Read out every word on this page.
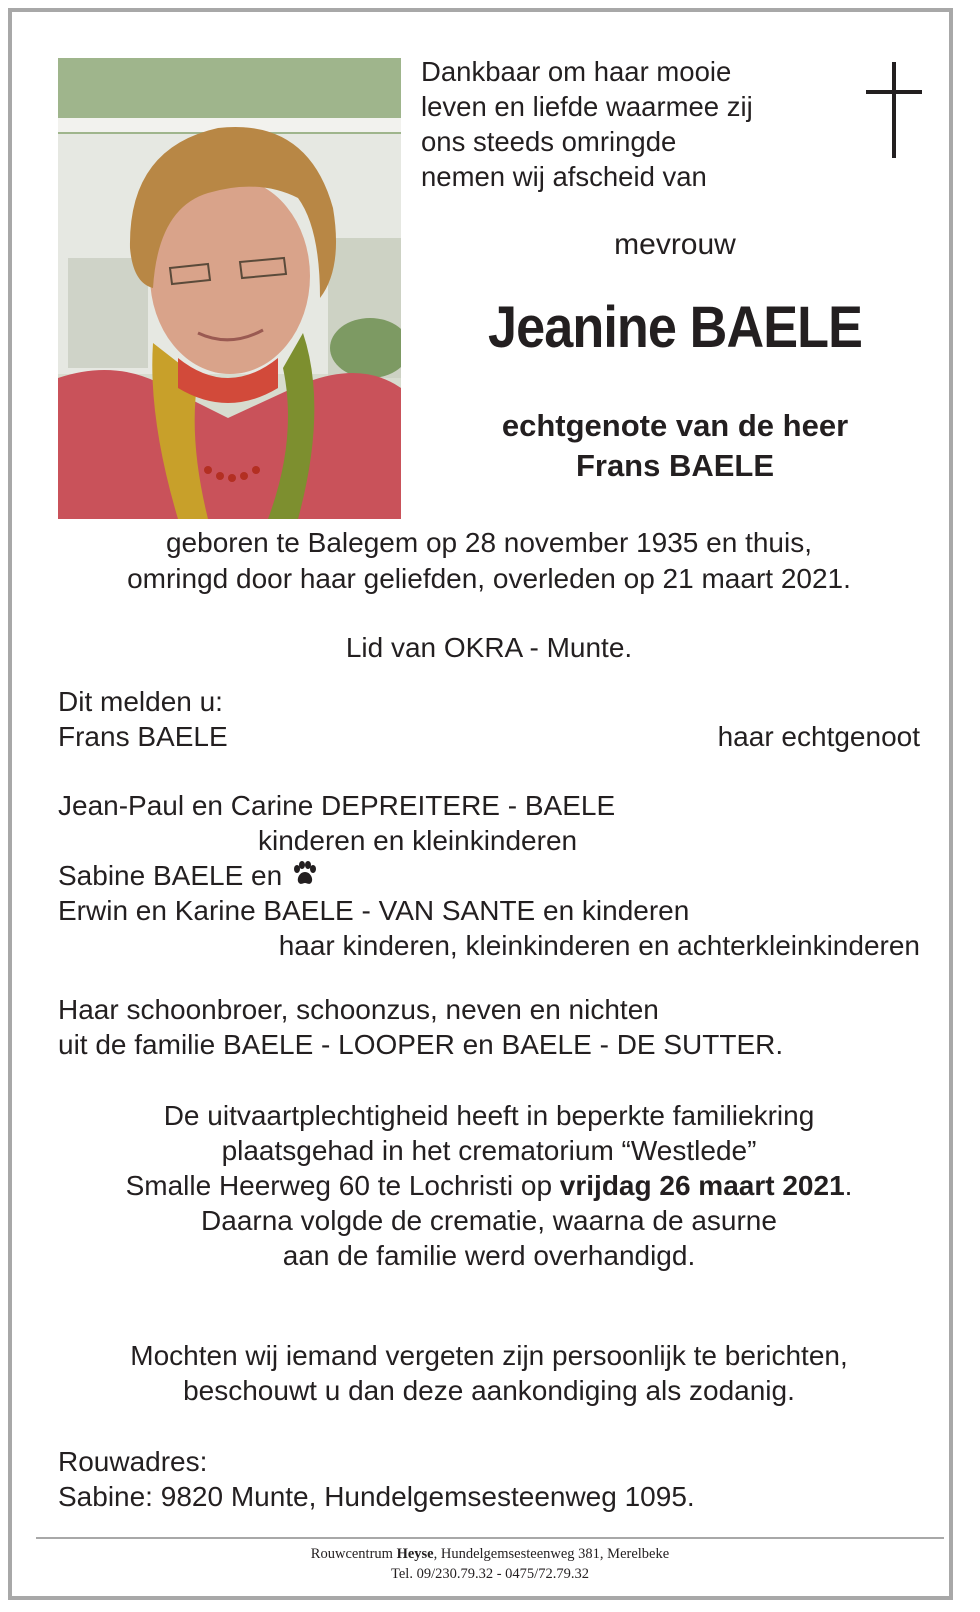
Dankbaar om haar mooie
leven en liefde waarmee zij
ons steeds omringde
nemen wij afscheid van
mevrouw
Jeanine BAELE
echtgenote van de heer
Frans BAELE
geboren te Balegem op 28 november 1935 en thuis,
omringd door haar geliefden, overleden op 21 maart 2021.
Lid van OKRA - Munte.
Dit melden u:
Frans BAELE	haar echtgenoot
Jean-Paul en Carine DEPREITERE - BAELE
kinderen en kleinkinderen
Sabine BAELE en
Erwin en Karine BAELE - VAN SANTE en kinderen
haar kinderen, kleinkinderen en achterkleinkinderen
Haar schoonbroer, schoonzus, neven en nichten
uit de familie BAELE - LOOPER en BAELE - DE SUTTER.
De uitvaartplechtigheid heeft in beperkte familiekring
plaatsgehad in het crematorium “Westlede”
Smalle Heerweg 60 te Lochristi op vrijdag 26 maart 2021.
Daarna volgde de crematie, waarna de asurne
aan de familie werd overhandigd.
Mochten wij iemand vergeten zijn persoonlijk te berichten,
beschouwt u dan deze aankondiging als zodanig.
Rouwadres:
Sabine: 9820 Munte, Hundelgemsesteenweg 1095.
Rouwcentrum Heyse, Hundelgemsesteenweg 381, Merelbeke
Tel. 09/230.79.32 - 0475/72.79.32
